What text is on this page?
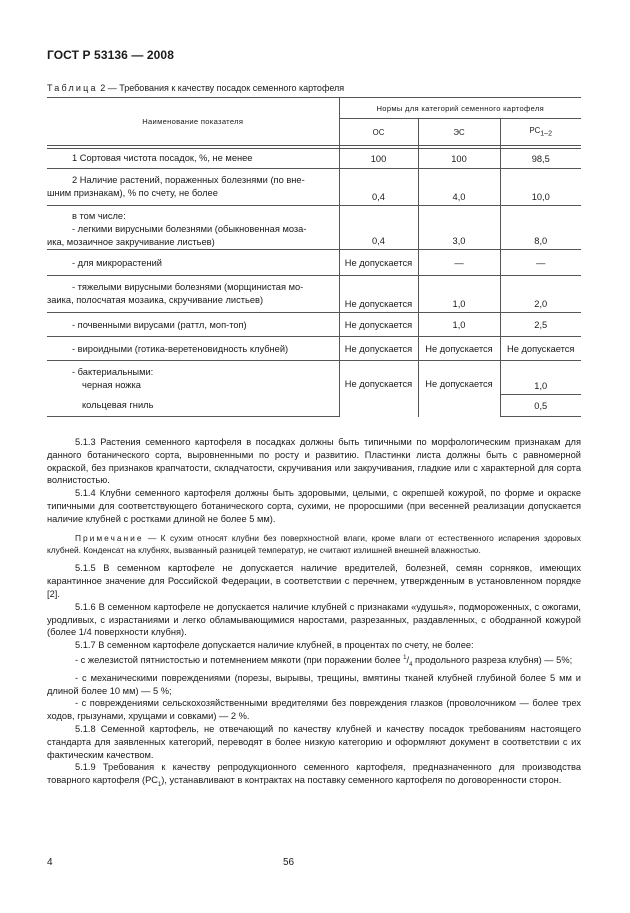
ГОСТ Р 53136 — 2008
Таблица 2 — Требования к качеству посадок семенного картофеля
Наименование показателя	Нормы для категорий семенного картофеля		
	ОС	ЭС	$РС_{1-2}$

1 Сортовая чистота посадок, %, не менее	100	100	98,5

2 Наличие растений, пораженных болезнями (по вне-
шним признакам), % по счету, не более	0,4	4,0	10,0

в том числе:
- легкими вирусными болезнями (обыкновенная моза-
ика, мозаичное закручивание листьев)	0,4	3,0	8,0
- для микрорастений	Не допускается	—	—

- тяжелыми вирусными болезнями (морщинистая мо-
заика, полосчатая мозаика, скручивание листьев)	Не допускается	1,0	2,0
- почвенными вирусами (раттл, моп-топ)	Не допускается	1,0	2,5
- вироидными (готика-веретеновидность клубней)	Не допускается	Не допускается	Не допускается

- бактериальными:
черная ножка	Не допускается	Не допускается	1,0
кольцевая гниль			0,5

5.1.3 Растения семенного картофеля в посадках должны быть типичными по морфологическим признакам для данного ботанического сорта, выровненными по росту и развитию. Пластинки листа должны быть с равномерной окраской, без признаков крапчатости, складчатости, скручивания или закручивания, гладкие или с характерной для сорта волнистостью.

5.1.4 Клубни семенного картофеля должны быть здоровыми, целыми, с окрепшей кожурой, по форме и окраске типичными для соответствующего ботанического сорта, сухими, не проросшими (при весенней реализации допускается наличие клубней с ростками длиной не более 5 мм).

Примечание — К сухим относят клубни без поверхностной влаги, кроме влаги от естественного испарения здоровых клубней. Конденсат на клубнях, вызванный разницей температур, не считают излишней внешней влажностью.

5.1.5 В семенном картофеле не допускается наличие вредителей, болезней, семян сорняков, имеющих карантинное значение для Российской Федерации, в соответствии с перечнем, утвержденным в установленном порядке [2].

5.1.6 В семенном картофеле не допускается наличие клубней с признаками «удушья», подмороженных, с ожогами, уродливых, с израстаниями и легко обламывающимися наростами, разрезанных, раздавленных, с ободранной кожурой (более 1/4 поверхности клубня).

5.1.7 В семенном картофеле допускается наличие клубней, в процентах по счету, не более:

- с железистой пятнистостью и потемнением мякоти (при поражении более $^1/_4$ продольного разреза клубня) — 5%;

- с механическими повреждениями (порезы, вырывы, трещины, вмятины тканей клубней глубиной более 5 мм и длиной более 10 мм) — 5 %;

- с повреждениями сельскохозяйственными вредителями без повреждения глазков (проволочником — более трех ходов, грызунами, хрущами и совками) — 2 %.

5.1.8 Семенной картофель, не отвечающий по качеству клубней и качеству посадок требованиям настоящего стандарта для заявленных категорий, переводят в более низкую категорию и оформляют документ в соответствии с их фактическим качеством.

5.1.9 Требования к качеству репродукционного семенного картофеля, предназначенного для производства товарного картофеля $(РС_1)$, устанавливают в контрактах на поставку семенного картофеля по договоренности сторон.

4	56
